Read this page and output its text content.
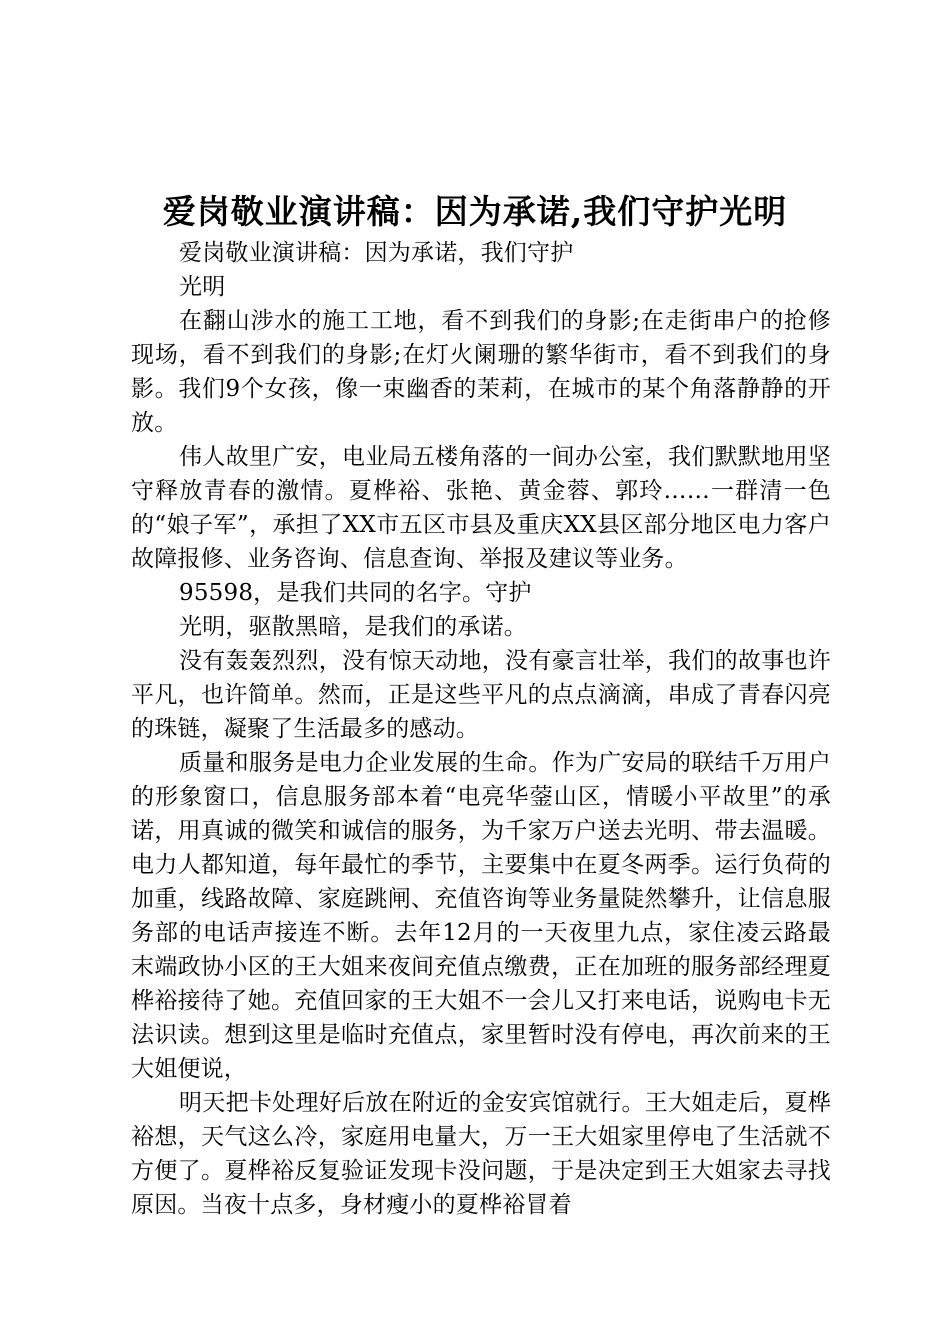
爱岗敬业演讲稿：因为承诺,我们守护光明

爱岗敬业演讲稿：因为承诺，我们守护

光明

在翻山涉水的施工工地，看不到我们的身影;在走街串户的抢修现场，看不到我们的身影;在灯火阑珊的繁华街市，看不到我们的身影。我们9个女孩，像一束幽香的茉莉，在城市的某个角落静静的开放。

伟人故里广安，电业局五楼角落的一间办公室，我们默默地用坚守释放青春的激情。夏桦裕、张艳、黄金蓉、郭玲……一群清一色的“娘子军”，承担了XX市五区市县及重庆XX县区部分地区电力客户故障报修、业务咨询、信息查询、举报及建议等业务。

95598，是我们共同的名字。守护

光明，驱散黑暗，是我们的承诺。

没有轰轰烈烈，没有惊天动地，没有豪言壮举，我们的故事也许平凡，也许简单。然而，正是这些平凡的点点滴滴，串成了青春闪亮的珠链，凝聚了生活最多的感动。

质量和服务是电力企业发展的生命。作为广安局的联结千万用户的形象窗口，信息服务部本着“电亮华蓥山区，情暖小平故里”的承诺，用真诚的微笑和诚信的服务，为千家万户送去光明、带去温暖。电力人都知道，每年最忙的季节，主要集中在夏冬两季。运行负荷的加重，线路故障、家庭跳闸、充值咨询等业务量陡然攀升，让信息服务部的电话声接连不断。去年12月的一天夜里九点，家住凌云路最末端政协小区的王大姐来夜间充值点缴费，正在加班的服务部经理夏桦裕接待了她。充值回家的王大姐不一会儿又打来电话，说购电卡无法识读。想到这里是临时充值点，家里暂时没有停电，再次前来的王大姐便说，

明天把卡处理好后放在附近的金安宾馆就行。王大姐走后，夏桦裕想，天气这么冷，家庭用电量大，万一王大姐家里停电了生活就不方便了。夏桦裕反复验证发现卡没问题，于是决定到王大姐家去寻找原因。当夜十点多，身材瘦小的夏桦裕冒着
